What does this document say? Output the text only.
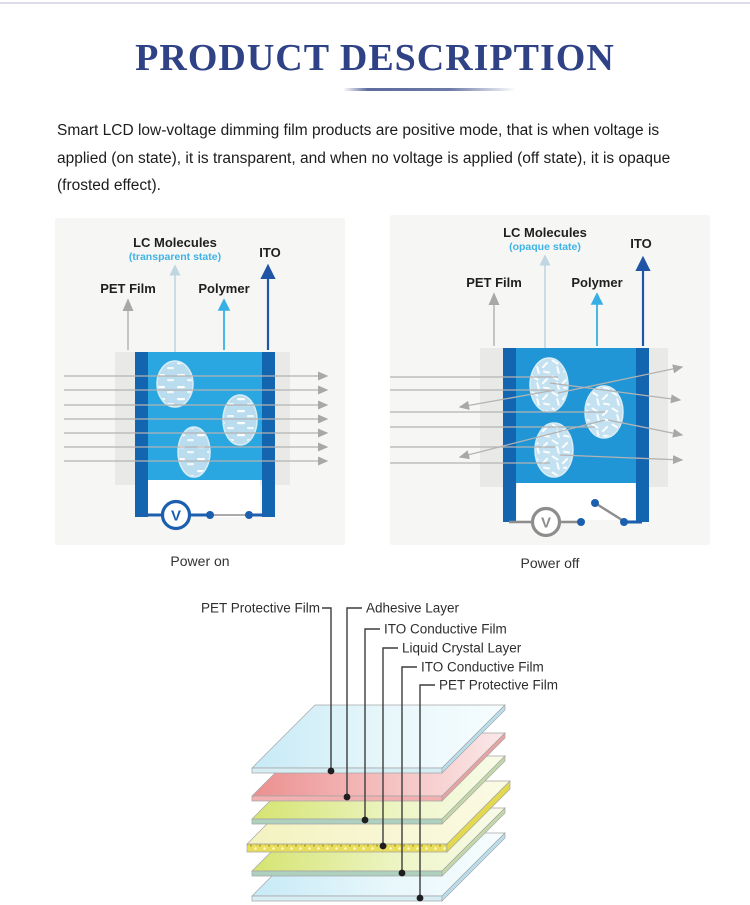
PRODUCT DESCRIPTION
Smart LCD low-voltage dimming film products are positive mode, that is when voltage is applied (on state), it is transparent, and when no voltage is applied (off state), it is opaque (frosted effect).
LC Molecules
(transparent state)	ITO
PET Film	Polymer
V
Power on
LC Molecules
(opaque state)	ITO
PET Film	Polymer
V
Power off
PET Protective Film	Adhesive Layer
ITO Conductive Film
Liquid Crystal Layer
ITO Conductive Film
PET Protective Film
